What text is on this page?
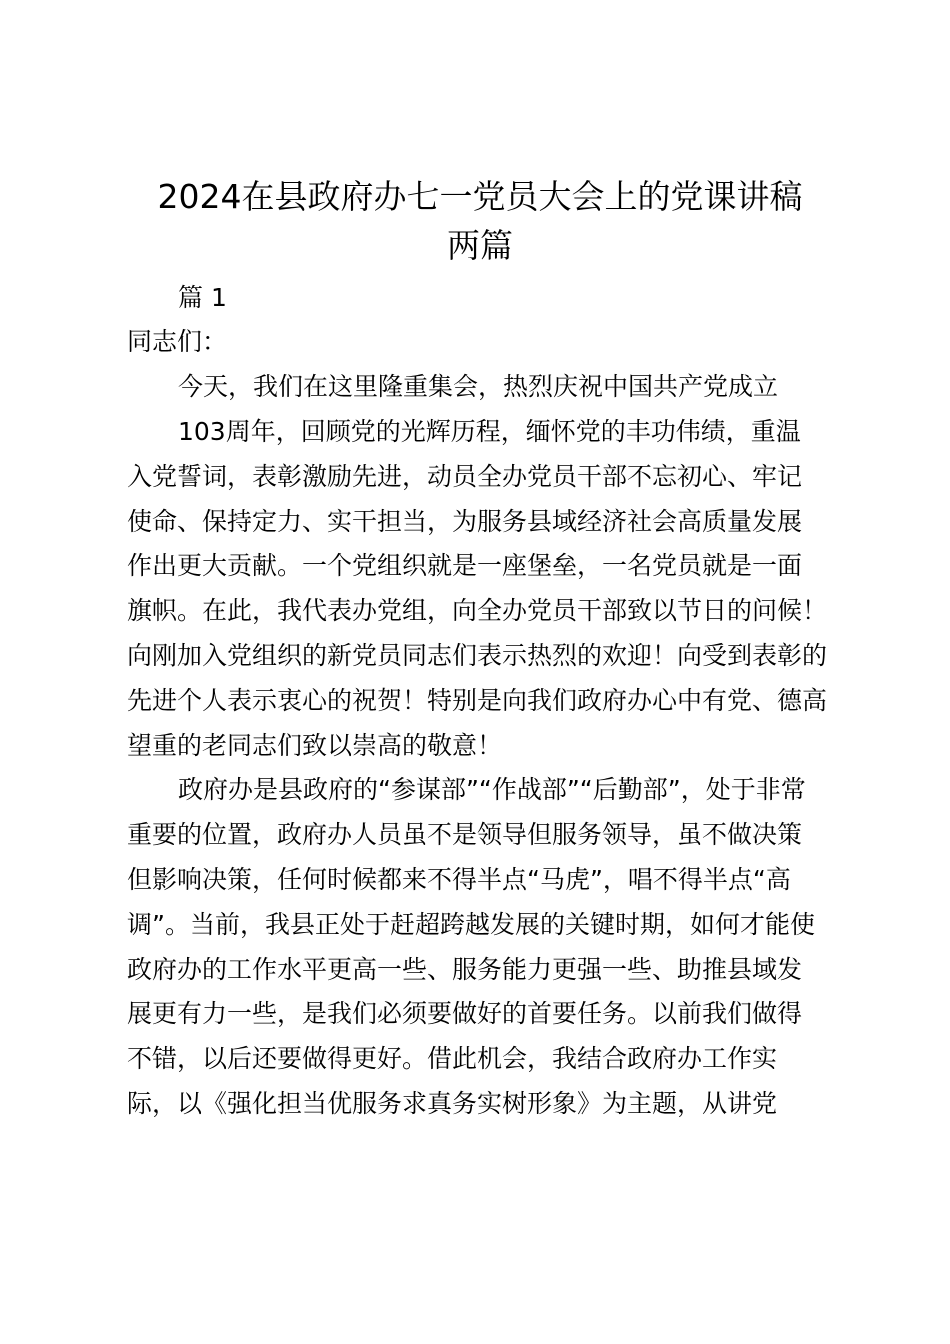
2024在县政府办七一党员大会上的党课讲稿
两篇

篇 1

同志们：

今天，我们在这里隆重集会，热烈庆祝中国共产党成立

103周年，回顾党的光辉历程，缅怀党的丰功伟绩，重温

入党誓词，表彰激励先进，动员全办党员干部不忘初心、牢记

使命、保持定力、实干担当，为服务县域经济社会高质量发展

作出更大贡献。一个党组织就是一座堡垒，一名党员就是一面

旗帜。在此，我代表办党组，向全办党员干部致以节日的问候！

向刚加入党组织的新党员同志们表示热烈的欢迎！向受到表彰的

先进个人表示衷心的祝贺！特别是向我们政府办心中有党、德高

望重的老同志们致以崇高的敬意！

政府办是县政府的“参谋部”“作战部”“后勤部”，处于非常

重要的位置，政府办人员虽不是领导但服务领导，虽不做决策

但影响决策，任何时候都来不得半点“马虎”，唱不得半点“高

调”。当前，我县正处于赶超跨越发展的关键时期，如何才能使

政府办的工作水平更高一些、服务能力更强一些、助推县域发

展更有力一些，是我们必须要做好的首要任务。以前我们做得

不错，以后还要做得更好。借此机会，我结合政府办工作实

际，以《强化担当优服务求真务实树形象》为主题，从讲党
